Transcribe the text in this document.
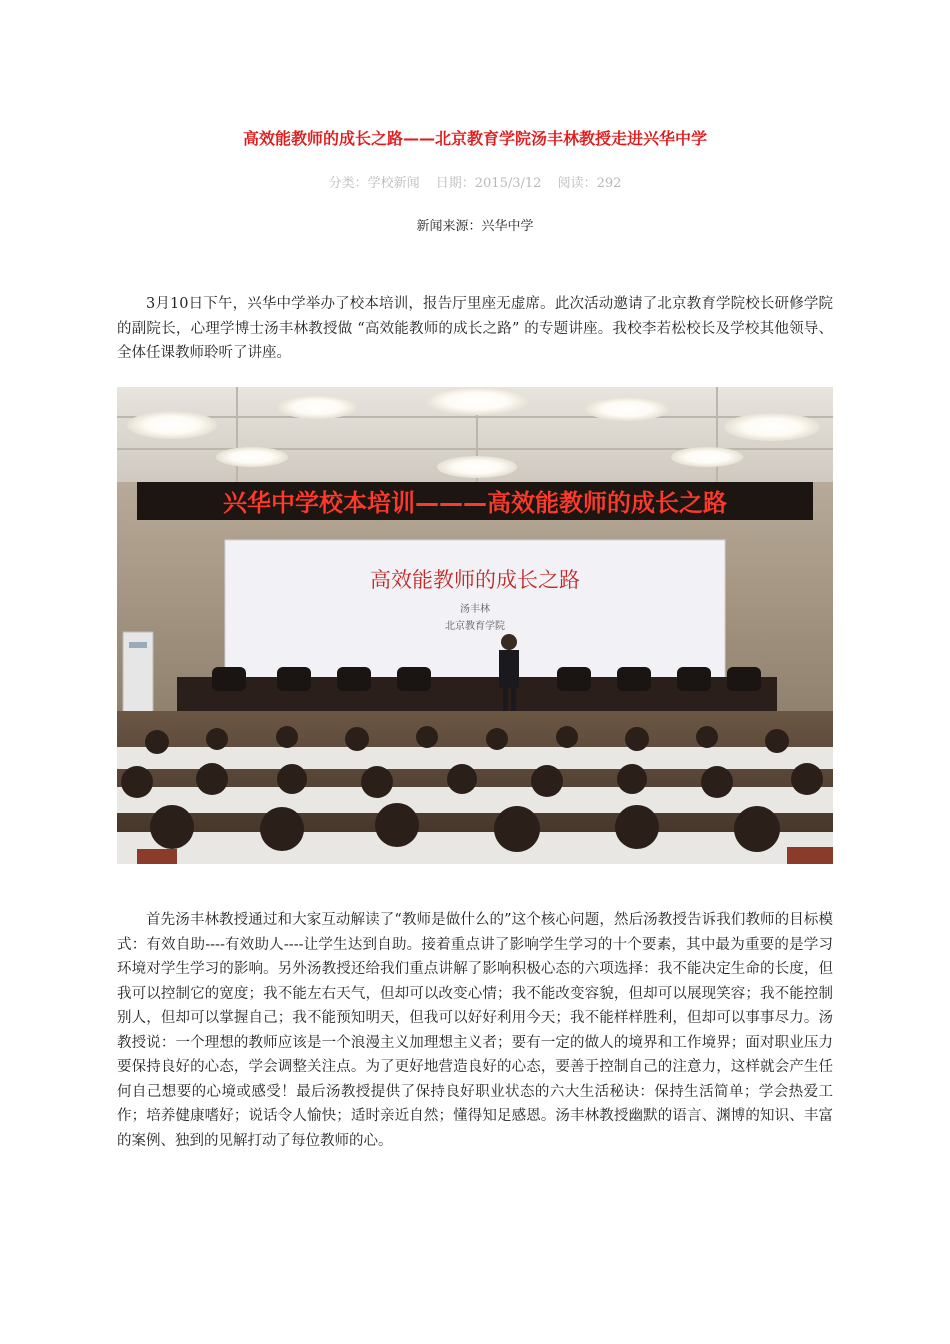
高效能教师的成长之路——北京教育学院汤丰林教授走进兴华中学
分类：学校新闻 日期：2015/3/12 阅读：292
新闻来源：兴华中学

3月10日下午，兴华中学举办了校本培训，报告厅里座无虚席。此次活动邀请了北京教育学院校长研修学院的副院长，心理学博士汤丰林教授做 “高效能教师的成长之路” 的专题讲座。我校李若松校长及学校其他领导、全体任课教师聆听了讲座。

兴华中学校本培训———高效能教师的成长之路
高效能教师的成长之路
汤丰林
北京教育学院

首先汤丰林教授通过和大家互动解读了“教师是做什么的”这个核心问题，然后汤教授告诉我们教师的目标模式：有效自助----有效助人----让学生达到自助。接着重点讲了影响学生学习的十个要素，其中最为重要的是学习环境对学生学习的影响。另外汤教授还给我们重点讲解了影响积极心态的六项选择：我不能决定生命的长度，但我可以控制它的宽度；我不能左右天气，但却可以改变心情；我不能改变容貌，但却可以展现笑容；我不能控制别人，但却可以掌握自己；我不能预知明天，但我可以好好利用今天；我不能样样胜利，但却可以事事尽力。汤教授说：一个理想的教师应该是一个浪漫主义加理想主义者；要有一定的做人的境界和工作境界；面对职业压力要保持良好的心态，学会调整关注点。为了更好地营造良好的心态，要善于控制自己的注意力，这样就会产生任何自己想要的心境或感受！最后汤教授提供了保持良好职业状态的六大生活秘诀：保持生活简单；学会热爱工作；培养健康嗜好；说话令人愉快；适时亲近自然；懂得知足感恩。汤丰林教授幽默的语言、渊博的知识、丰富的案例、独到的见解打动了每位教师的心。
